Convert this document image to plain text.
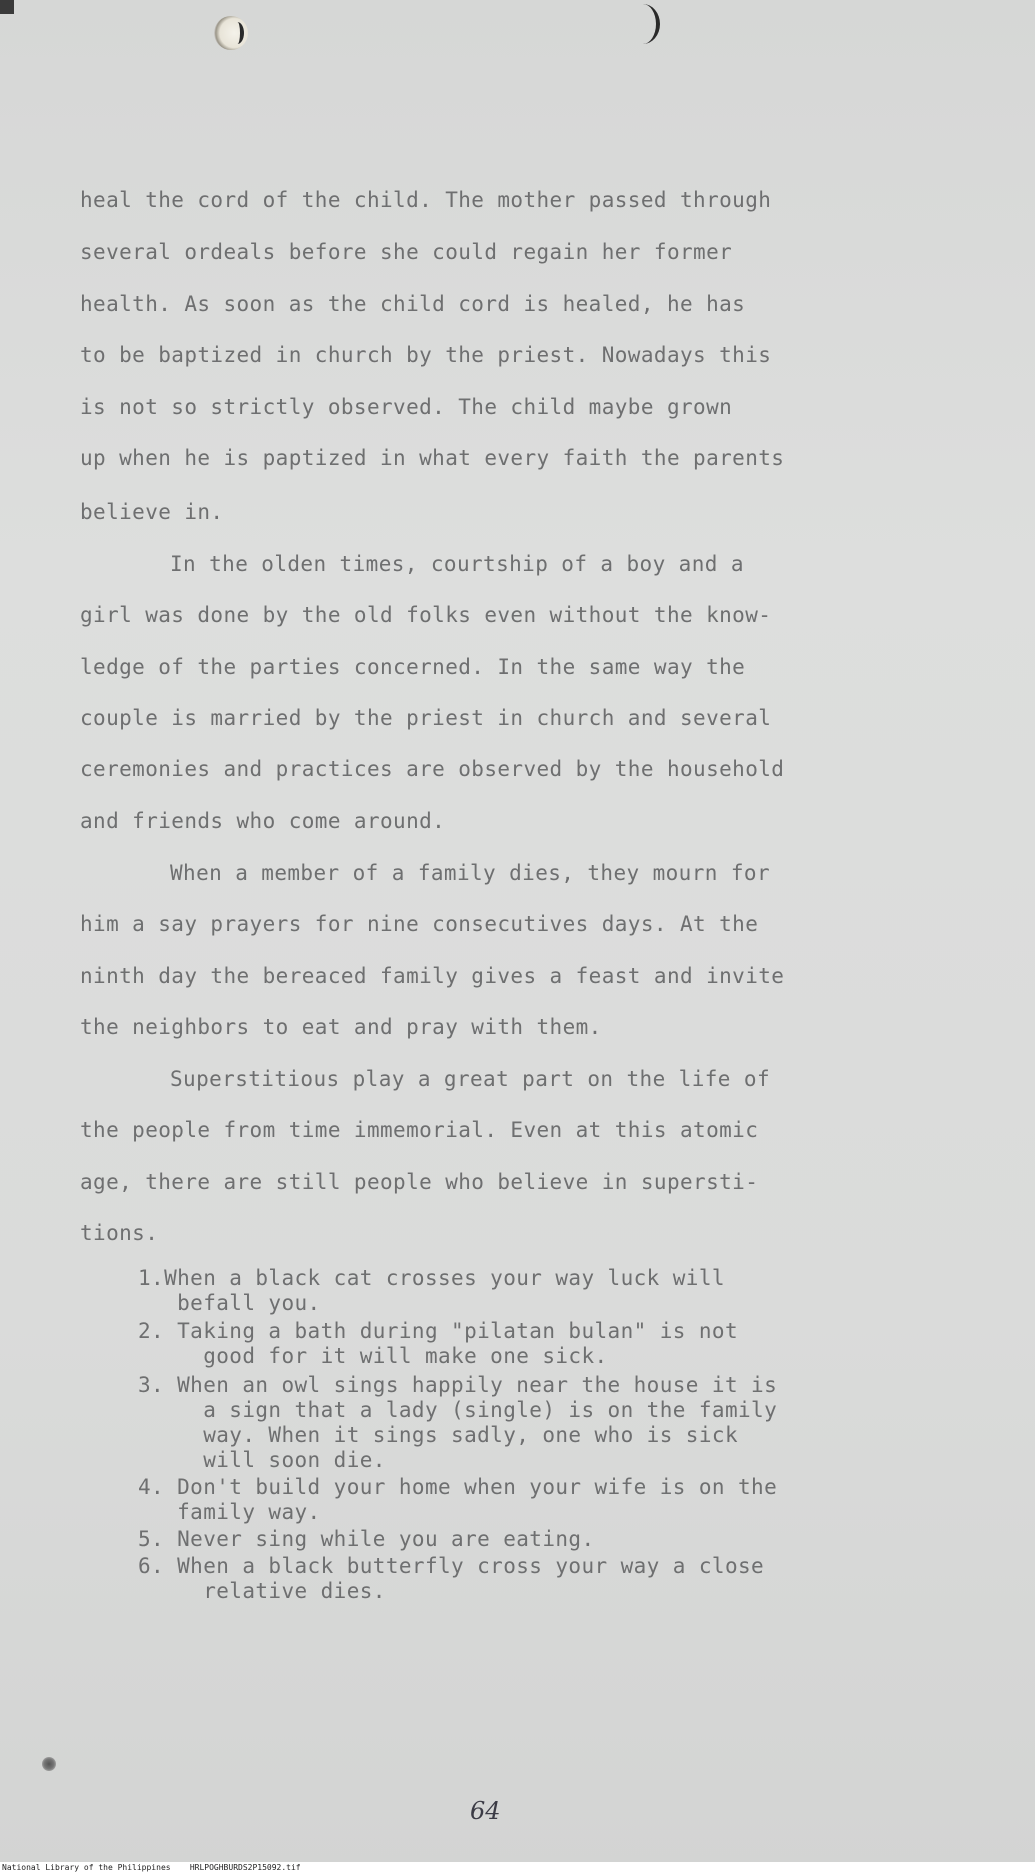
heal the cord of the child. The mother passed through
several ordeals before she could regain her former
health. As soon as the child cord is healed, he has
to be baptized in church by the priest. Nowadays this
is not so strictly observed. The child maybe grown
up when he is paptized in what every faith the parents
believe in.
In the olden times, courtship of a boy and a
girl was done by the old folks even without the know-
ledge of the parties concerned. In the same way the
couple is married by the priest in church and several
ceremonies and practices are observed by the household
and friends who come around.
When a member of a family dies, they mourn for
him a say prayers for nine consecutives days. At the
ninth day the bereaced family gives a feast and invite
the neighbors to eat and pray with them.
Superstitious play a great part on the life of
the people from time immemorial. Even at this atomic
age, there are still people who believe in supersti-
tions.
1.When a black cat crosses your way luck will
befall you.
2. Taking a bath during "pilatan bulan" is not
good for it will make one sick.
3. When an owl sings happily near the house it is
a sign that a lady (single) is on the family
way. When it sings sadly, one who is sick
will soon die.
4. Don't build your home when your wife is on the
family way.
5. Never sing while you are eating.
6. When a black butterfly cross your way a close
relative dies.
64
National Library of the Philippines    HRLPOGHBURDS2P15092.tif
